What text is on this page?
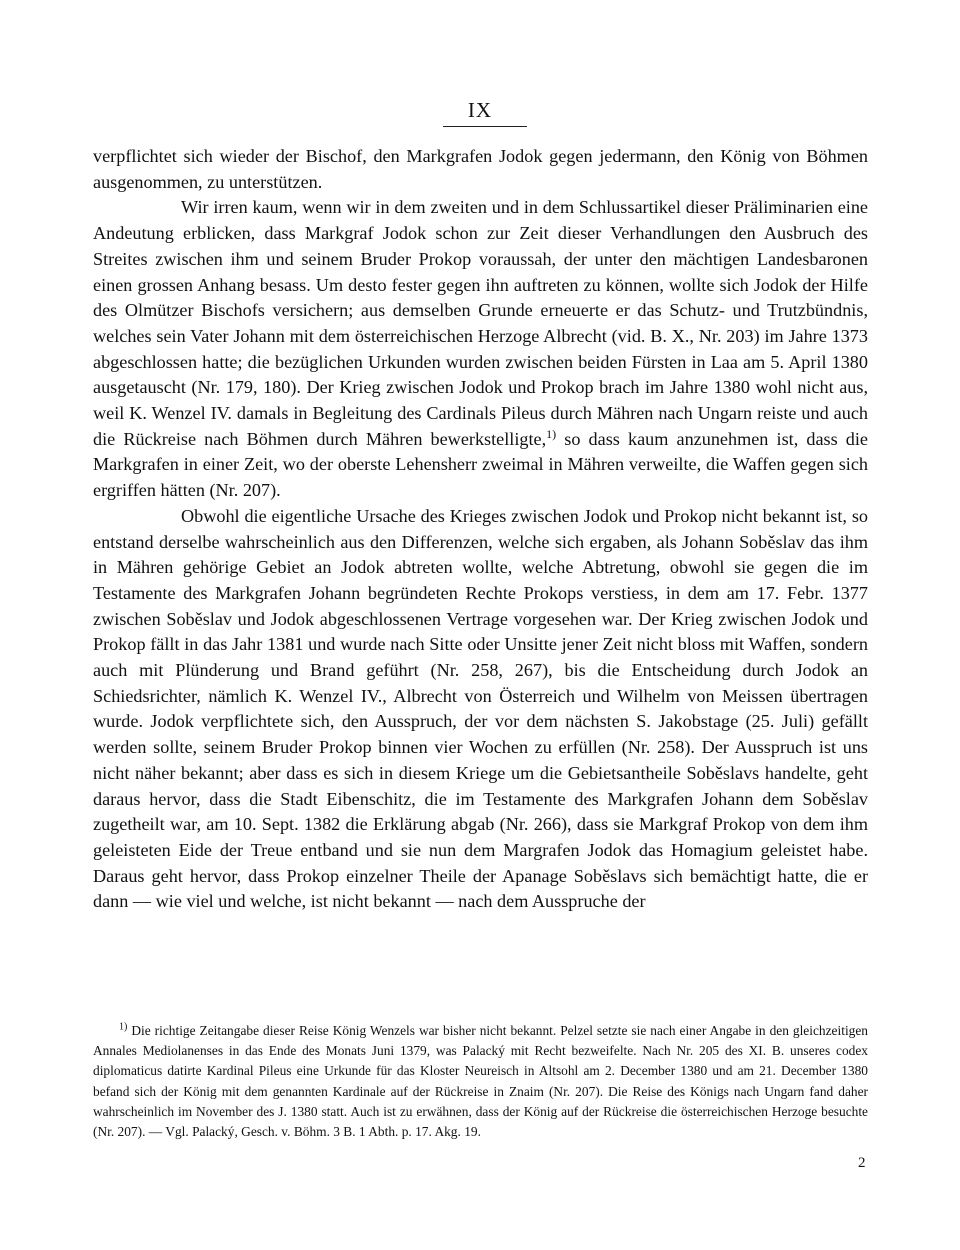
IX

verpflichtet sich wieder der Bischof, den Markgrafen Jodok gegen jedermann, den König von Böhmen ausgenommen, zu unterstützen.

Wir irren kaum, wenn wir in dem zweiten und in dem Schlussartikel dieser Präliminarien eine Andeutung erblicken, dass Markgraf Jodok schon zur Zeit dieser Verhandlungen den Ausbruch des Streites zwischen ihm und seinem Bruder Prokop voraussah, der unter den mächtigen Landesbaronen einen grossen Anhang besass. Um desto fester gegen ihn auftreten zu können, wollte sich Jodok der Hilfe des Olmützer Bischofs versichern; aus demselben Grunde erneuerte er das Schutz- und Trutzbündnis, welches sein Vater Johann mit dem österreichischen Herzoge Albrecht (vid. B. X., Nr. 203) im Jahre 1373 abgeschlossen hatte; die bezüglichen Urkunden wurden zwischen beiden Fürsten in Laa am 5. April 1380 ausgetauscht (Nr. 179, 180). Der Krieg zwischen Jodok und Prokop brach im Jahre 1380 wohl nicht aus, weil K. Wenzel IV. damals in Begleitung des Cardinals Pileus durch Mähren nach Ungarn reiste und auch die Rückreise nach Böhmen durch Mähren bewerkstelligte,$^{1)}$ so dass kaum anzunehmen ist, dass die Markgrafen in einer Zeit, wo der oberste Lehensherr zweimal in Mähren verweilte, die Waffen gegen sich ergriffen hätten (Nr. 207).

Obwohl die eigentliche Ursache des Krieges zwischen Jodok und Prokop nicht bekannt ist, so entstand derselbe wahrscheinlich aus den Differenzen, welche sich ergaben, als Johann Soběslav das ihm in Mähren gehörige Gebiet an Jodok abtreten wollte, welche Abtretung, obwohl sie gegen die im Testamente des Markgrafen Johann begründeten Rechte Prokops verstiess, in dem am 17. Febr. 1377 zwischen Soběslav und Jodok abgeschlossenen Vertrage vorgesehen war. Der Krieg zwischen Jodok und Prokop fällt in das Jahr 1381 und wurde nach Sitte oder Unsitte jener Zeit nicht bloss mit Waffen, sondern auch mit Plünderung und Brand geführt (Nr. 258, 267), bis die Entscheidung durch Jodok an Schiedsrichter, nämlich K. Wenzel IV., Albrecht von Österreich und Wilhelm von Meissen übertragen wurde. Jodok verpflichtete sich, den Ausspruch, der vor dem nächsten S. Jakobstage (25. Juli) gefällt werden sollte, seinem Bruder Prokop binnen vier Wochen zu erfüllen (Nr. 258). Der Ausspruch ist uns nicht näher bekannt; aber dass es sich in diesem Kriege um die Gebietsantheile Soběslavs handelte, geht daraus hervor, dass die Stadt Eibenschitz, die im Testamente des Markgrafen Johann dem Soběslav zugetheilt war, am 10. Sept. 1382 die Erklärung abgab (Nr. 266), dass sie Markgraf Prokop von dem ihm geleisteten Eide der Treue entband und sie nun dem Margrafen Jodok das Homagium geleistet habe. Daraus geht hervor, dass Prokop einzelner Theile der Apanage Soběslavs sich bemächtigt hatte, die er dann — wie viel und welche, ist nicht bekannt — nach dem Ausspruche der

$^{1)}$ Die richtige Zeitangabe dieser Reise König Wenzels war bisher nicht bekannt. Pelzel setzte sie nach einer Angabe in den gleichzeitigen Annales Mediolanenses in das Ende des Monats Juni 1379, was Palacký mit Recht bezweifelte. Nach Nr. 205 des XI. B. unseres codex diplomaticus datirte Kardinal Pileus eine Urkunde für das Kloster Neureisch in Altsohl am 2. December 1380 und am 21. December 1380 befand sich der König mit dem genannten Kardinale auf der Rückreise in Znaim (Nr. 207). Die Reise des Königs nach Ungarn fand daher wahrscheinlich im November des J. 1380 statt. Auch ist zu erwähnen, dass der König auf der Rückreise die österreichischen Herzoge besuchte (Nr. 207). — Vgl. Palacký, Gesch. v. Böhm. 3 B. 1 Abth. p. 17. Akg. 19.

2
